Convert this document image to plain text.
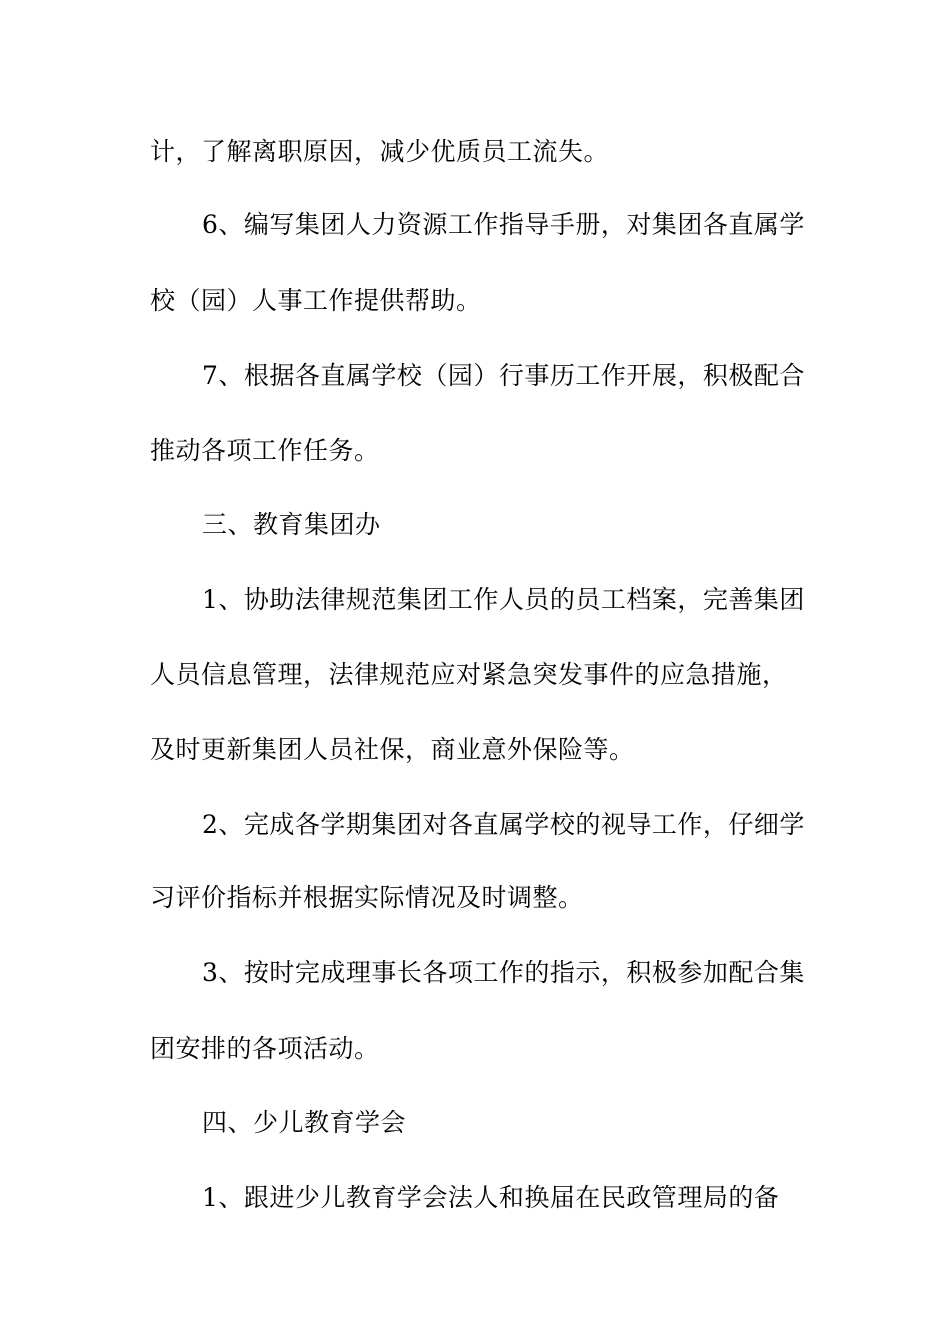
计，了解离职原因，减少优质员工流失。
6、编写集团人力资源工作指导手册，对集团各直属学
校（园）人事工作提供帮助。
7、根据各直属学校（园）行事历工作开展，积极配合
推动各项工作任务。
三、教育集团办
1、协助法律规范集团工作人员的员工档案，完善集团
人员信息管理，法律规范应对紧急突发事件的应急措施，
及时更新集团人员社保，商业意外保险等。
2、完成各学期集团对各直属学校的视导工作，仔细学
习评价指标并根据实际情况及时调整。
3、按时完成理事长各项工作的指示，积极参加配合集
团安排的各项活动。
四、少儿教育学会
1、跟进少儿教育学会法人和换届在民政管理局的备
